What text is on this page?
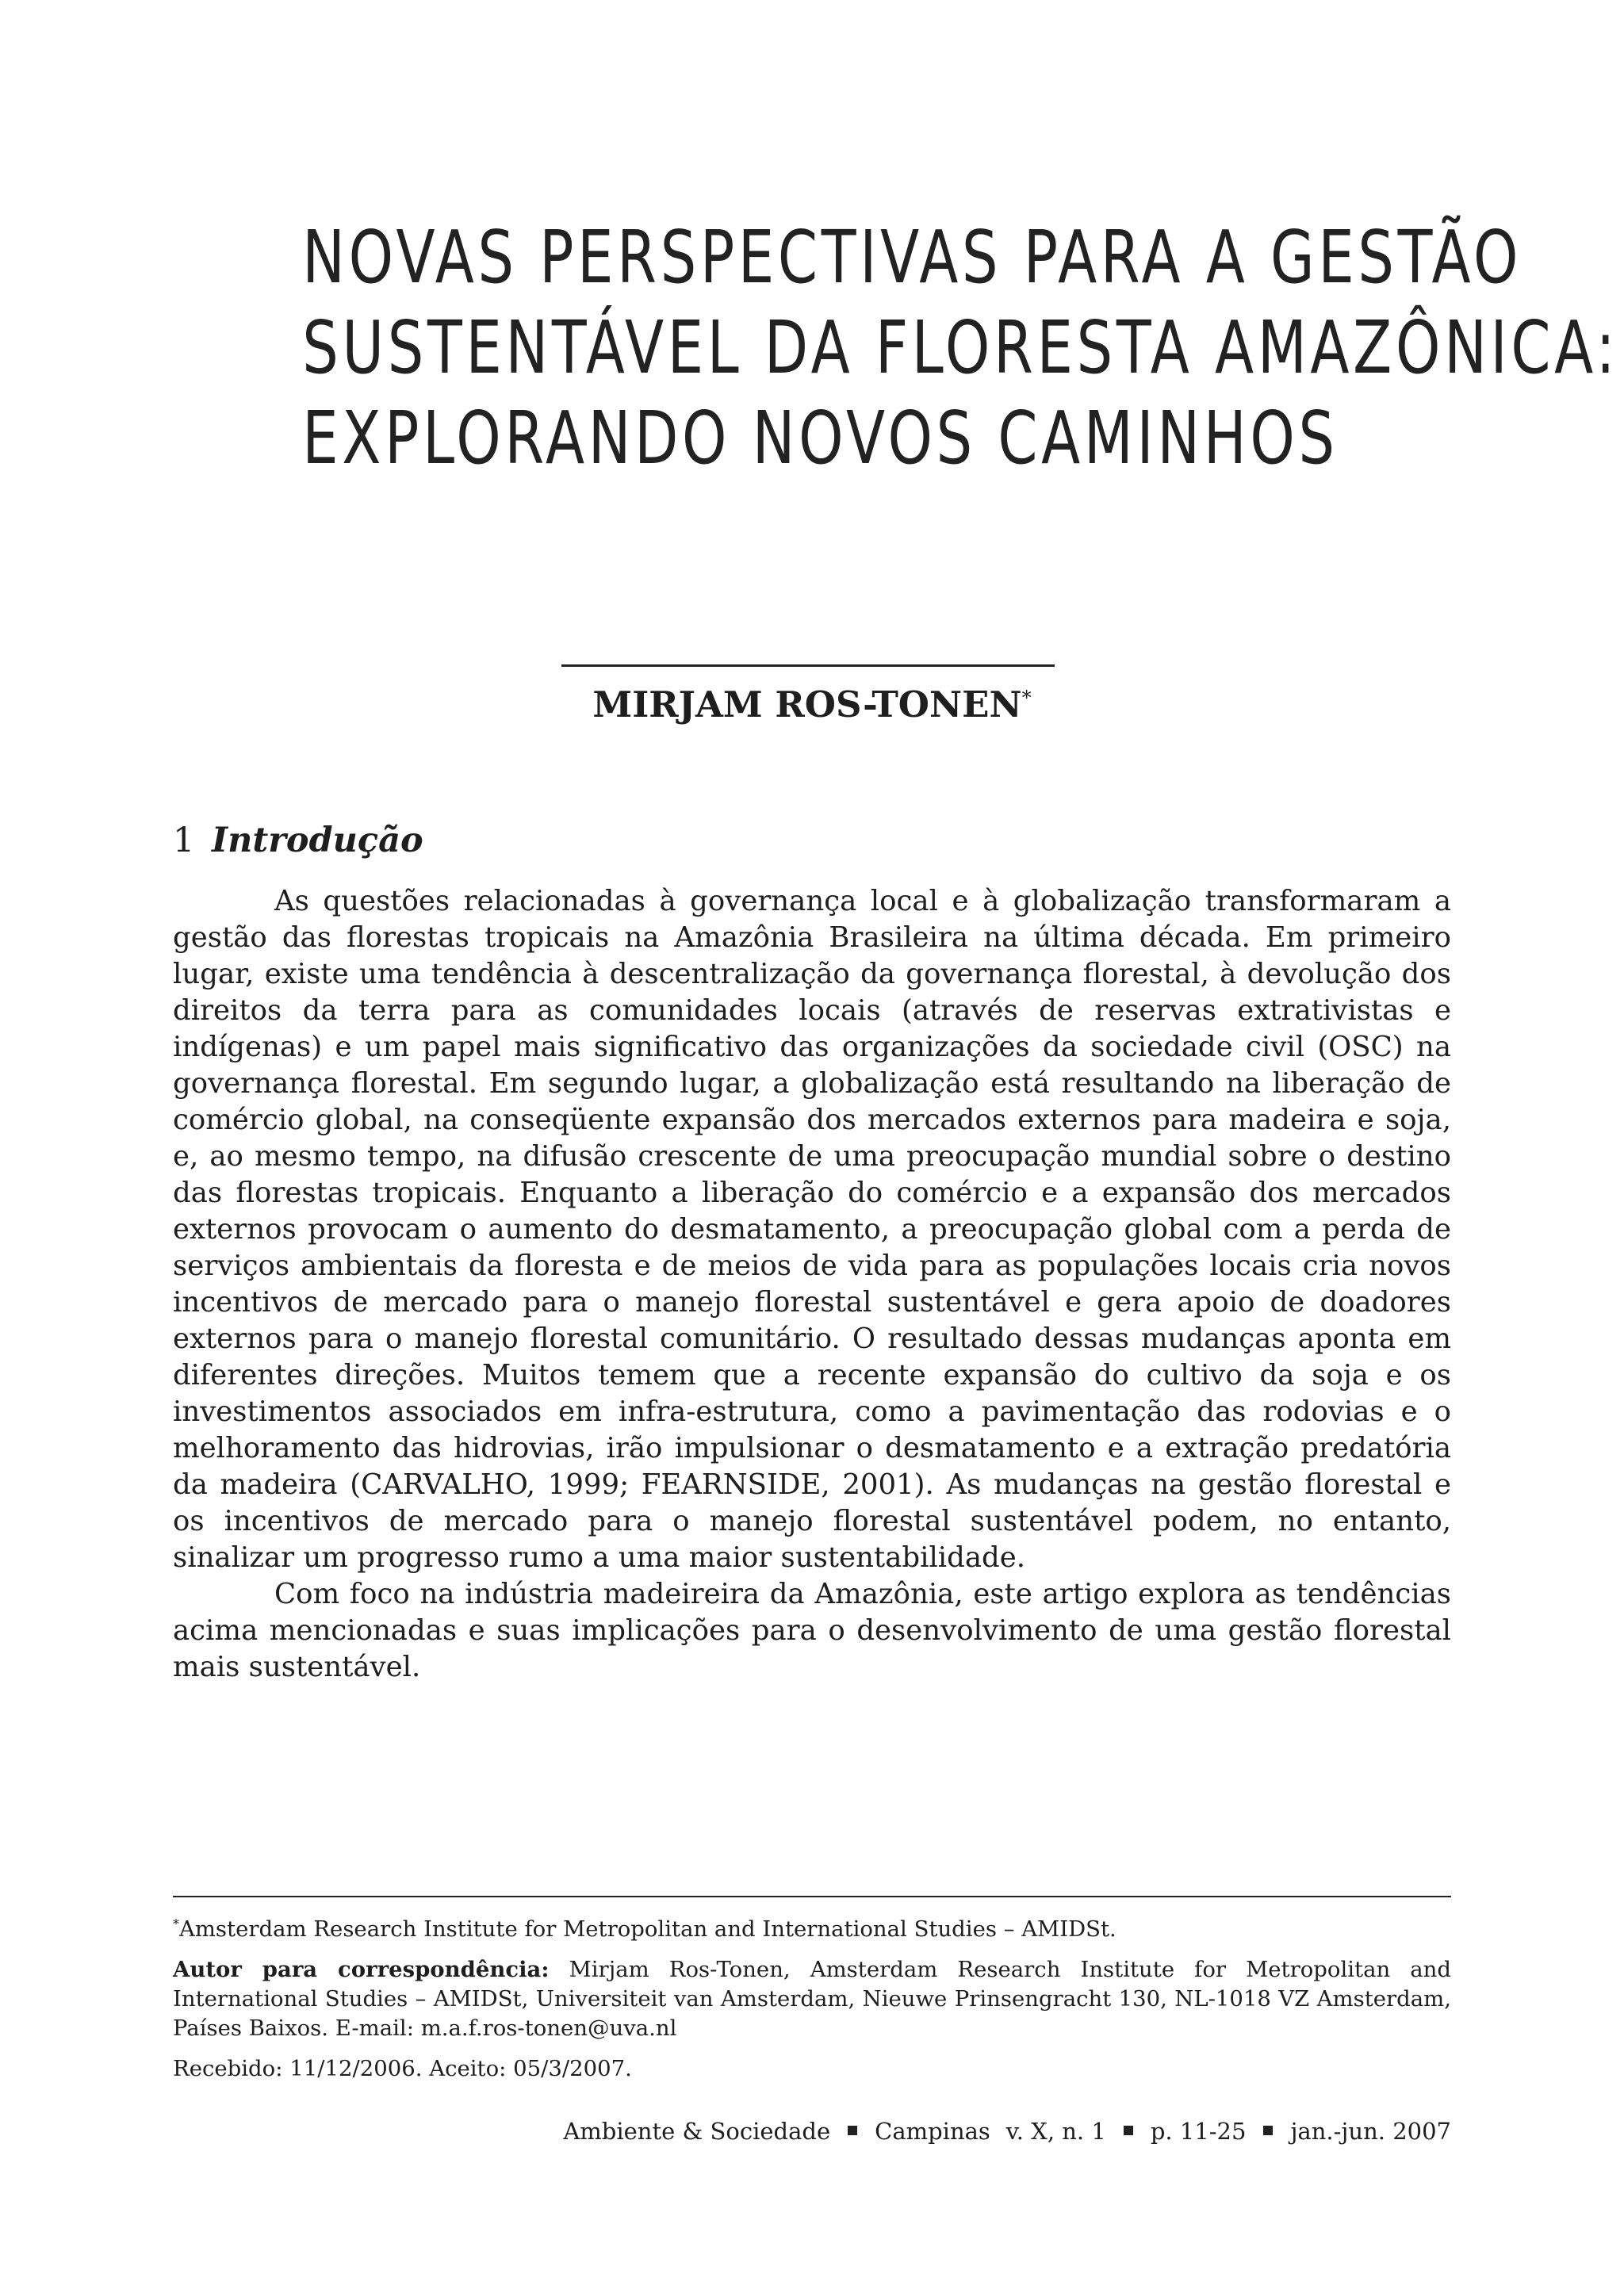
NOVAS PERSPECTIVAS PARA A GESTÃO
SUSTENTÁVEL DA FLORESTA AMAZÔNICA:
EXPLORANDO NOVOS CAMINHOS
MIRJAM ROS-TONEN*
1 Introdução

As questões relacionadas à governança local e à globalização transformaram a gestão das florestas tropicais na Amazônia Brasileira na última década. Em primeiro lugar, existe uma tendência à descentralização da governança florestal, à devolução dos direitos da terra para as comunidades locais (através de reservas extrativistas e indígenas) e um papel mais significativo das organizações da sociedade civil (OSC) na governança florestal. Em segundo lugar, a globalização está resultando na liberação de comércio global, na conseqüente expansão dos mercados externos para madeira e soja, e, ao mesmo tempo, na difusão crescente de uma preocupação mundial sobre o destino das florestas tropicais. Enquanto a liberação do comércio e a expansão dos mercados externos provocam o aumento do desmatamento, a preocupação global com a perda de serviços ambientais da floresta e de meios de vida para as populações locais cria novos incentivos de mercado para o manejo florestal sustentável e gera apoio de doadores externos para o manejo florestal comunitário. O resultado dessas mudanças aponta em diferentes direções. Muitos temem que a recente expansão do cultivo da soja e os investimentos associados em infra-estrutura, como a pavimentação das rodovias e o melhoramento das hidrovias, irão impulsionar o desmatamento e a extração predatória da madeira (CARVALHO, 1999; FEARNSIDE, 2001). As mudanças na gestão florestal e os incentivos de mercado para o manejo florestal sustentável podem, no entanto, sinalizar um progresso rumo a uma maior sustentabilidade.

Com foco na indústria madeireira da Amazônia, este artigo explora as tendências acima mencionadas e suas implicações para o desenvolvimento de uma gestão florestal mais sustentável.

*Amsterdam Research Institute for Metropolitan and International Studies – AMIDSt.

Autor para correspondência: Mirjam Ros-Tonen, Amsterdam Research Institute for Metropolitan and International Studies – AMIDSt, Universiteit van Amsterdam, Nieuwe Prinsengracht 130, NL-1018 VZ Amsterdam, Países Baixos. E-mail: m.a.f.ros-tonen@uva.nl

Recebido: 11/12/2006. Aceito: 05/3/2007.

Ambiente & Sociedade Campinas v. X, n. 1 p. 11-25 jan.-jun. 2007
